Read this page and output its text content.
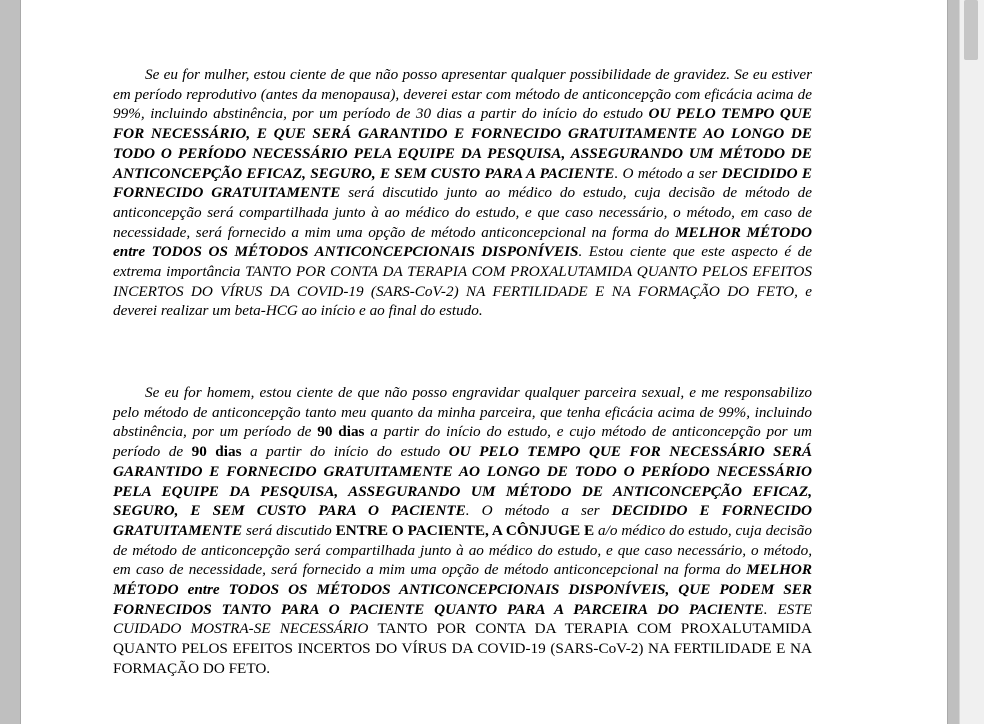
Se eu for mulher, estou ciente de que não posso apresentar qualquer possibilidade de gravidez. Se eu estiver em período reprodutivo (antes da menopausa), deverei estar com método de anticoncepção com eficácia acima de 99%, incluindo abstinência, por um período de 30 dias a partir do início do estudo OU PELO TEMPO QUE FOR NECESSÁRIO, E QUE SERÁ GARANTIDO E FORNECIDO GRATUITAMENTE AO LONGO DE TODO O PERÍODO NECESSÁRIO PELA EQUIPE DA PESQUISA, ASSEGURANDO UM MÉTODO DE ANTICONCEPÇÃO EFICAZ, SEGURO, E SEM CUSTO PARA A PACIENTE. O método a ser DECIDIDO E FORNECIDO GRATUITAMENTE será discutido junto ao médico do estudo, cuja decisão de método de anticoncepção será compartilhada junto à ao médico do estudo, e que caso necessário, o método, em caso de necessidade, será fornecido a mim uma opção de método anticoncepcional na forma do MELHOR MÉTODO entre TODOS OS MÉTODOS ANTICONCEPCIONAIS DISPONÍVEIS. Estou ciente que este aspecto é de extrema importância TANTO POR CONTA DA TERAPIA COM PROXALUTAMIDA QUANTO PELOS EFEITOS INCERTOS DO VÍRUS DA COVID-19 (SARS-CoV-2) NA FERTILIDADE E NA FORMAÇÃO DO FETO, e deverei realizar um beta-HCG ao início e ao final do estudo.

Se eu for homem, estou ciente de que não posso engravidar qualquer parceira sexual, e me responsabilizo pelo método de anticoncepção tanto meu quanto da minha parceira, que tenha eficácia acima de 99%, incluindo abstinência, por um período de 90 dias a partir do início do estudo, e cujo método de anticoncepção por um período de 90 dias a partir do início do estudo OU PELO TEMPO QUE FOR NECESSÁRIO SERÁ GARANTIDO E FORNECIDO GRATUITAMENTE AO LONGO DE TODO O PERÍODO NECESSÁRIO PELA EQUIPE DA PESQUISA, ASSEGURANDO UM MÉTODO DE ANTICONCEPÇÃO EFICAZ, SEGURO, E SEM CUSTO PARA O PACIENTE. O método a ser DECIDIDO E FORNECIDO GRATUITAMENTE será discutido ENTRE O PACIENTE, A CÔNJUGE E a/o médico do estudo, cuja decisão de método de anticoncepção será compartilhada junto à ao médico do estudo, e que caso necessário, o método, em caso de necessidade, será fornecido a mim uma opção de método anticoncepcional na forma do MELHOR MÉTODO entre TODOS OS MÉTODOS ANTICONCEPCIONAIS DISPONÍVEIS, QUE PODEM SER FORNECIDOS TANTO PARA O PACIENTE QUANTO PARA A PARCEIRA DO PACIENTE. ESTE CUIDADO MOSTRA-SE NECESSÁRIO TANTO POR CONTA DA TERAPIA COM PROXALUTAMIDA QUANTO PELOS EFEITOS INCERTOS DO VÍRUS DA COVID-19 (SARS-CoV-2) NA FERTILIDADE E NA FORMAÇÃO DO FETO.
